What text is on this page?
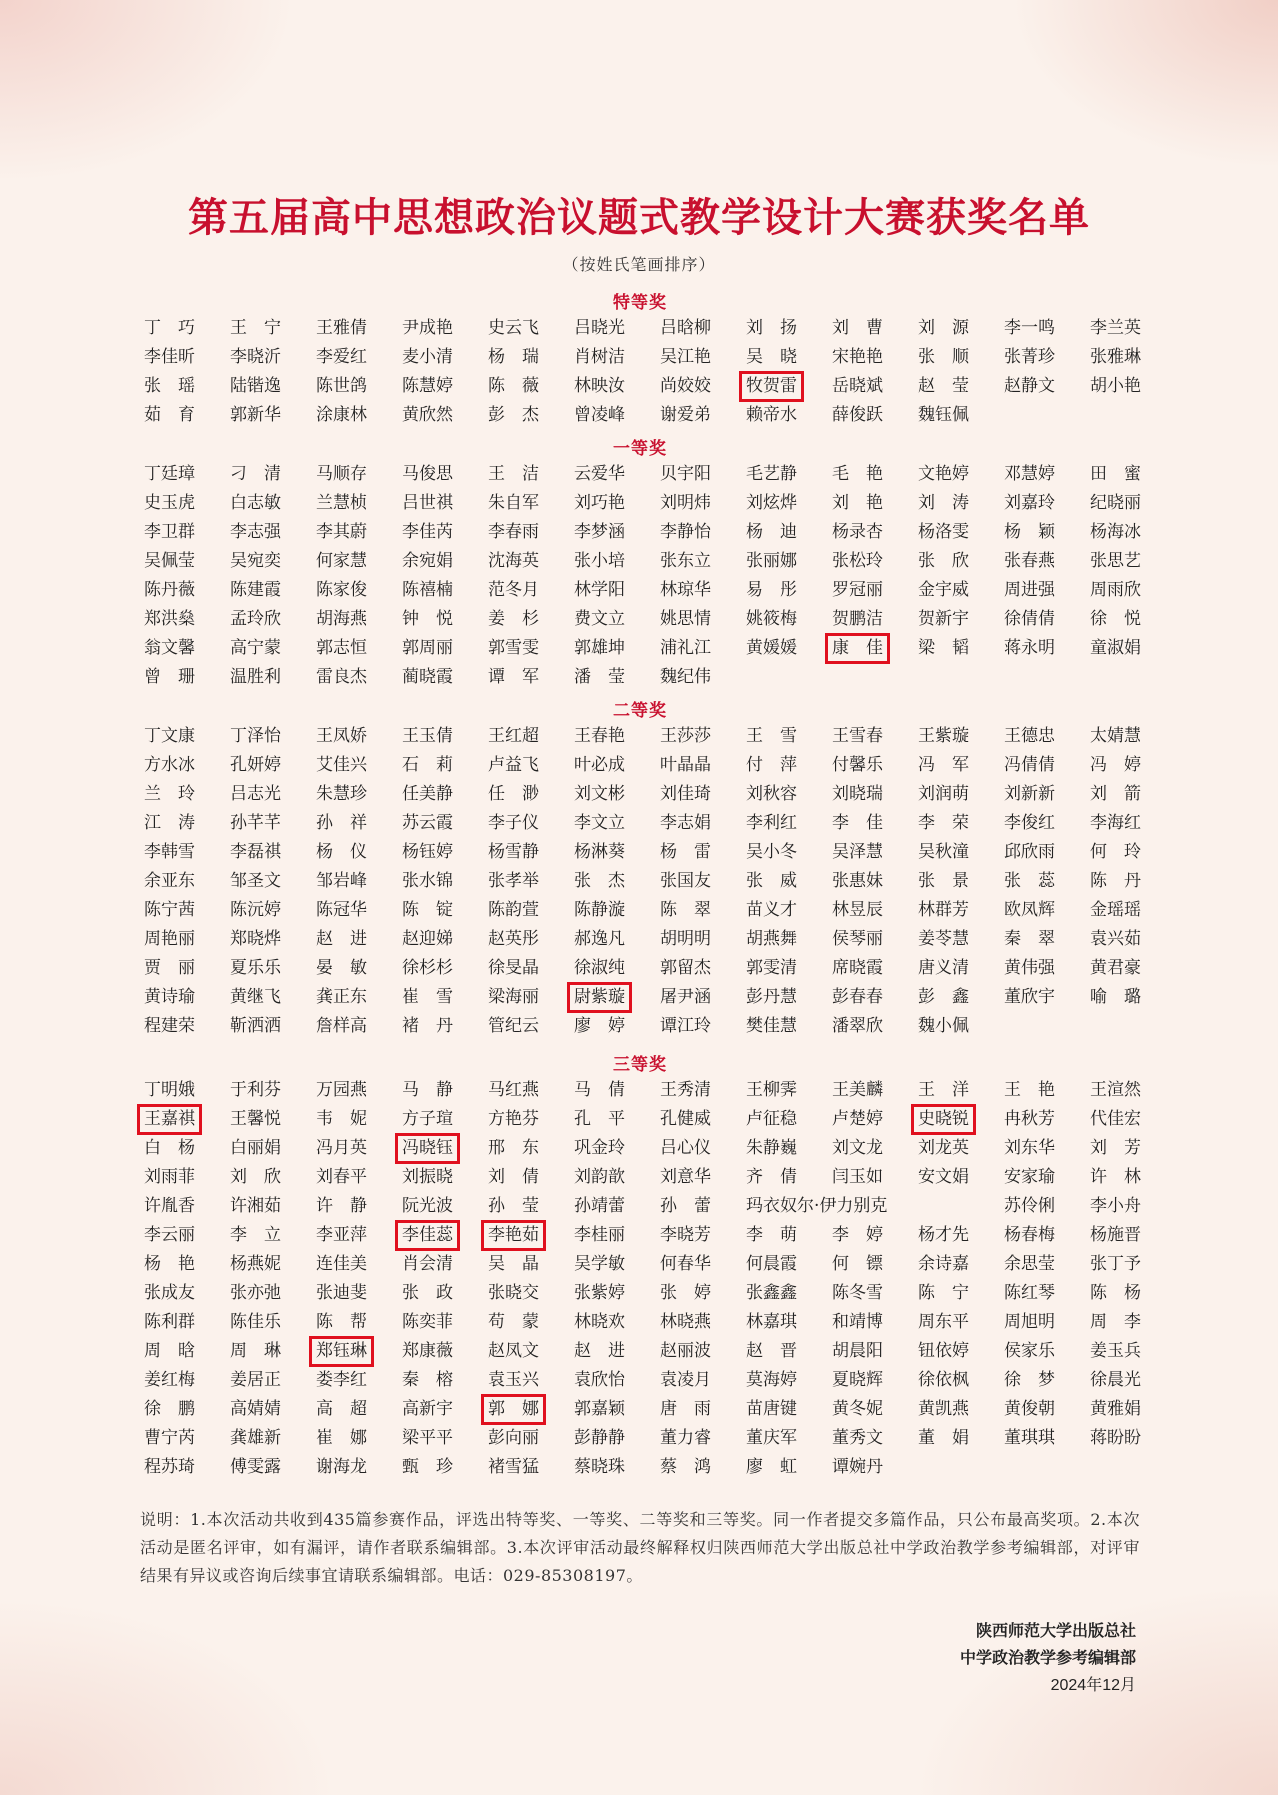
第五届高中思想政治议题式教学设计大赛获奖名单
（按姓氏笔画排序）
特等奖
丁　巧	王　宁	王雅倩	尹成艳	史云飞	吕晓光	吕晗柳	刘　扬	刘　曹	刘　源	李一鸣	李兰英
李佳昕	李晓沂	李爱红	麦小清	杨　瑞	肖树洁	吴江艳	吴　晓	宋艳艳	张　顺	张菁珍	张雅琳
张　瑶	陆锴逸	陈世鸽	陈慧婷	陈　薇	林映汝	尚姣姣	牧贺雷	岳晓斌	赵　莹	赵静文	胡小艳
茹　育	郭新华	涂康林	黄欣然	彭　杰	曾凌峰	谢爱弟	赖帝水	薛俊跃	魏钰佩
一等奖
丁廷璋	刁　清	马顺存	马俊思	王　洁	云爱华	贝宇阳	毛艺静	毛　艳	文艳婷	邓慧婷	田　蜜
史玉虎	白志敏	兰慧桢	吕世祺	朱自军	刘巧艳	刘明炜	刘炫烨	刘　艳	刘　涛	刘嘉玲	纪晓丽
李卫群	李志强	李其蔚	李佳芮	李春雨	李梦涵	李静怡	杨　迪	杨录杏	杨洛雯	杨　颖	杨海冰
吴佩莹	吴宛奕	何家慧	余宛娟	沈海英	张小培	张东立	张丽娜	张松玲	张　欣	张春燕	张思艺
陈丹薇	陈建霞	陈家俊	陈禧楠	范冬月	林学阳	林琼华	易　彤	罗冠丽	金宇威	周进强	周雨欣
郑洪燊	孟玲欣	胡海燕	钟　悦	姜　杉	费文立	姚思情	姚筱梅	贺鹏洁	贺新宇	徐倩倩	徐　悦
翁文馨	高宁蒙	郭志恒	郭周丽	郭雪雯	郭雄坤	浦礼江	黄媛媛	康　佳	梁　韬	蒋永明	童淑娟
曾　珊	温胜利	雷良杰	蔺晓霞	谭　军	潘　莹	魏纪伟
二等奖
丁文康	丁泽怡	王凤娇	王玉倩	王红超	王春艳	王莎莎	王　雪	王雪春	王紫璇	王德忠	太婧慧
方水冰	孔妍婷	艾佳兴	石　莉	卢益飞	叶必成	叶晶晶	付　萍	付馨乐	冯　军	冯倩倩	冯　婷
兰　玲	吕志光	朱慧珍	任美静	任　渺	刘文彬	刘佳琦	刘秋容	刘晓瑞	刘润萌	刘新新	刘　箭
江　涛	孙芊芊	孙　祥	苏云霞	李子仪	李文立	李志娟	李利红	李　佳	李　荣	李俊红	李海红
李韩雪	李磊祺	杨　仪	杨钰婷	杨雪静	杨淋葵	杨　雷	吴小冬	吴泽慧	吴秋潼	邱欣雨	何　玲
余亚东	邹圣文	邹岩峰	张水锦	张孝举	张　杰	张国友	张　威	张惠妹	张　景	张　蕊	陈　丹
陈宁茜	陈沅婷	陈冠华	陈　锭	陈韵萱	陈静漩	陈　翠	苗义才	林昱辰	林群芳	欧凤辉	金瑶瑶
周艳丽	郑晓烨	赵　进	赵迎娣	赵英彤	郝逸凡	胡明明	胡燕舞	侯琴丽	姜苓慧	秦　翠	袁兴茹
贾　丽	夏乐乐	晏　敏	徐杉杉	徐旻晶	徐淑纯	郭留杰	郭雯清	席晓霞	唐义清	黄伟强	黄君豪
黄诗瑜	黄继飞	龚正东	崔　雪	梁海丽	尉紫璇	屠尹涵	彭丹慧	彭春春	彭　鑫	董欣宇	喻　璐
程建荣	靳洒洒	詹样高	褚　丹	管纪云	廖　婷	谭江玲	樊佳慧	潘翠欣	魏小佩
三等奖
丁明娥	于利芬	万园燕	马　静	马红燕	马　倩	王秀清	王柳霁	王美麟	王　洋	王　艳	王渲然
王嘉祺	王馨悦	韦　妮	方子瑄	方艳芬	孔　平	孔健威	卢征稳	卢楚婷	史晓锐	冉秋芳	代佳宏
白　杨	白丽娟	冯月英	冯晓钰	邢　东	巩金玲	吕心仪	朱静巍	刘文龙	刘龙英	刘东华	刘　芳
刘雨菲	刘　欣	刘春平	刘振晓	刘　倩	刘韵歆	刘意华	齐　倩	闫玉如	安文娟	安家瑜	许　林
许胤香	许湘茹	许　静	阮光波	孙　莹	孙靖蕾	孙　蕾	玛衣奴尔·伊力别克	苏伶俐	李小舟
李云丽	李　立	李亚萍	李佳蕊	李艳茹	李桂丽	李晓芳	李　萌	李　婷	杨才先	杨春梅	杨施晋
杨　艳	杨燕妮	连佳美	肖会清	吴　晶	吴学敏	何春华	何晨霞	何　镖	余诗嘉	余思莹	张丁予
张成友	张亦弛	张迪斐	张　政	张晓交	张紫婷	张　婷	张鑫鑫	陈冬雪	陈　宁	陈红琴	陈　杨
陈利群	陈佳乐	陈　帮	陈奕菲	苟　蒙	林晓欢	林晓燕	林嘉琪	和靖博	周东平	周旭明	周　李
周　晗	周　琳	郑钰琳	郑康薇	赵凤文	赵　进	赵丽波	赵　晋	胡晨阳	钮依婷	侯家乐	姜玉兵
姜红梅	姜居正	娄李红	秦　榕	袁玉兴	袁欣怡	袁凌月	莫海婷	夏晓辉	徐依枫	徐　梦	徐晨光
徐　鹏	高婧婧	高　超	高新宇	郭　娜	郭嘉颖	唐　雨	苗唐键	黄冬妮	黄凯燕	黄俊朝	黄雅娟
曹宁芮	龚雄新	崔　娜	梁平平	彭向丽	彭静静	董力睿	董庆军	董秀文	董　娟	董琪琪	蒋盼盼
程苏琦	傅雯露	谢海龙	甄　珍	褚雪猛	蔡晓珠	蔡　鸿	廖　虹	谭婉丹
说明：1.本次活动共收到435篇参赛作品，评选出特等奖、一等奖、二等奖和三等奖。同一作者提交多篇作品，只公布最高奖项。2.本次活动是匿名评审，如有漏评，请作者联系编辑部。3.本次评审活动最终解释权归陕西师范大学出版总社中学政治教学参考编辑部，对评审结果有异议或咨询后续事宜请联系编辑部。电话：029-85308197。
陕西师范大学出版总社
中学政治教学参考编辑部
2024年12月
